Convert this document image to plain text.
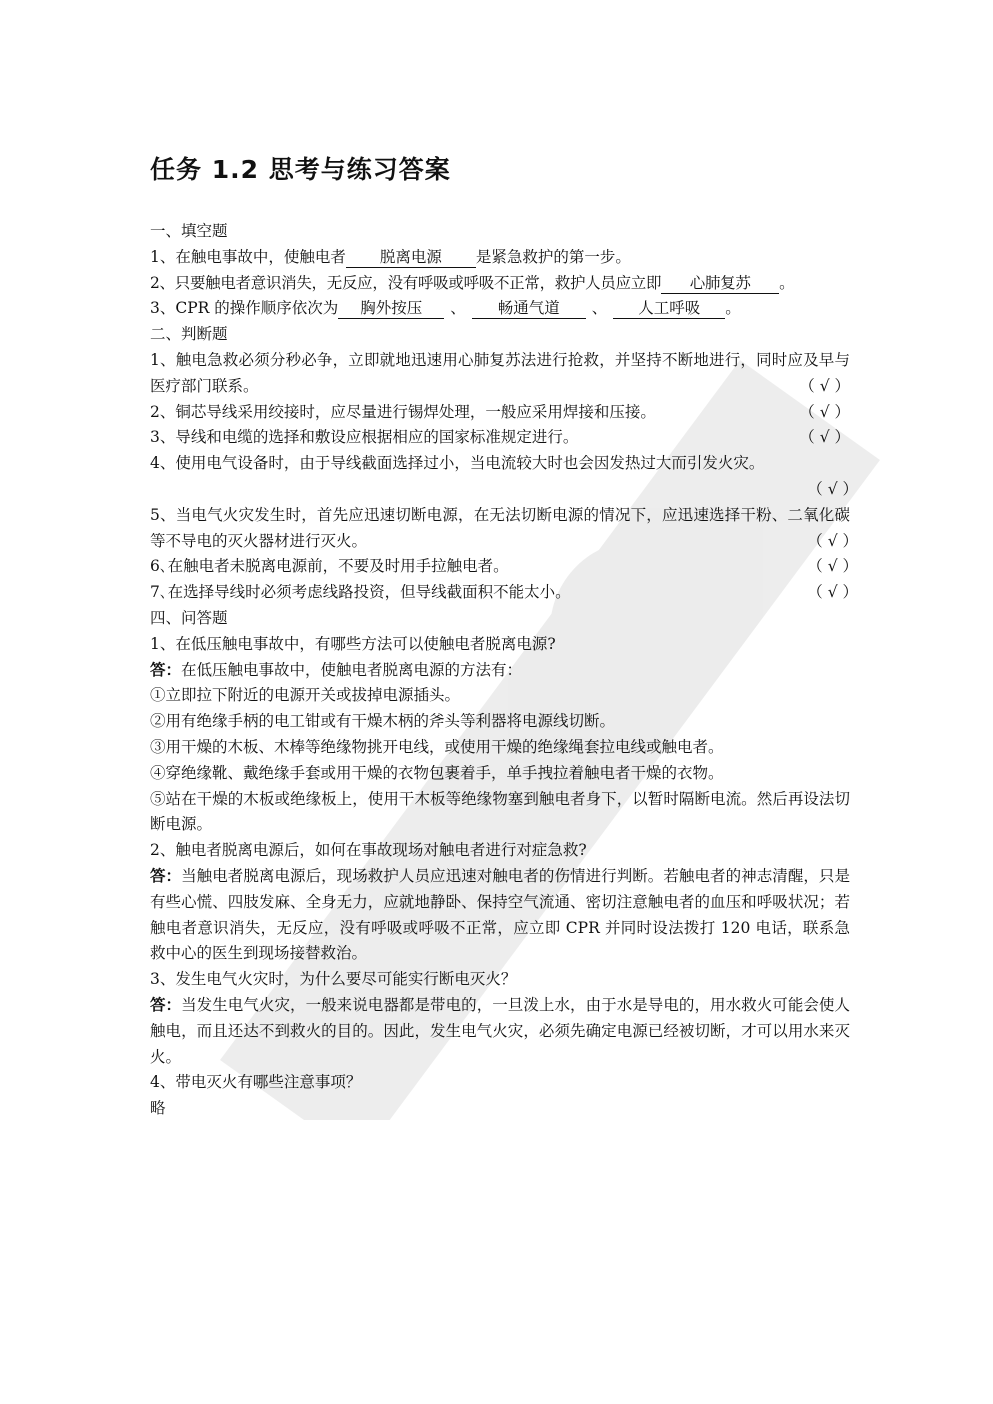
任务 1.2 思考与练习答案
一、填空题
1、在触电事故中，使触电者 脱离电源 是紧急救护的第一步。
2、只要触电者意识消失，无反应，没有呼吸或呼吸不正常，救护人员应立即 心肺复苏 。
3、CPR 的操作顺序依次为 胸外按压 、 畅通气道 、 人工呼吸 。
二、判断题
1、触电急救必须分秒必争，立即就地迅速用心肺复苏法进行抢救，并坚持不断地进行，同时应及早与医疗部门联系。	（ √ ）
2、铜芯导线采用绞接时，应尽量进行锡焊处理，一般应采用焊接和压接。	（ √ ）
3、导线和电缆的选择和敷设应根据相应的国家标准规定进行。	（ √ ）
4、使用电气设备时，由于导线截面选择过小，当电流较大时也会因发热过大而引发火灾。
（ √ ）
5、当电气火灾发生时，首先应迅速切断电源，在无法切断电源的情况下，应迅速选择干粉、二氧化碳等不导电的灭火器材进行灭火。	（ √ ）
6､在触电者未脱离电源前，不要及时用手拉触电者。	（ √ ）
7､在选择导线时必须考虑线路投资，但导线截面积不能太小。	（ √ ）
四、问答题
1、在低压触电事故中，有哪些方法可以使触电者脱离电源?
答：在低压触电事故中，使触电者脱离电源的方法有：
①立即拉下附近的电源开关或拔掉电源插头。
②用有绝缘手柄的电工钳或有干燥木柄的斧头等利器将电源线切断。
③用干燥的木板、木棒等绝缘物挑开电线，或使用干燥的绝缘绳套拉电线或触电者。
④穿绝缘靴、戴绝缘手套或用干燥的衣物包裹着手，单手拽拉着触电者干燥的衣物。
⑤站在干燥的木板或绝缘板上，使用干木板等绝缘物塞到触电者身下，以暂时隔断电流。然后再设法切断电源。
2、触电者脱离电源后，如何在事故现场对触电者进行对症急救?
答：当触电者脱离电源后，现场救护人员应迅速对触电者的伤情进行判断。若触电者的神志清醒，只是有些心慌、四肢发麻、全身无力，应就地静卧、保持空气流通、密切注意触电者的血压和呼吸状况；若触电者意识消失，无反应，没有呼吸或呼吸不正常，应立即 CPR 并同时设法拨打 120 电话，联系急救中心的医生到现场接替救治。
3、发生电气火灾时，为什么要尽可能实行断电灭火？
答：当发生电气火灾，一般来说电器都是带电的，一旦泼上水，由于水是导电的，用水救火可能会使人触电，而且还达不到救火的目的。因此，发生电气火灾，必须先确定电源已经被切断，才可以用水来灭火。
4、带电灭火有哪些注意事项？
略
